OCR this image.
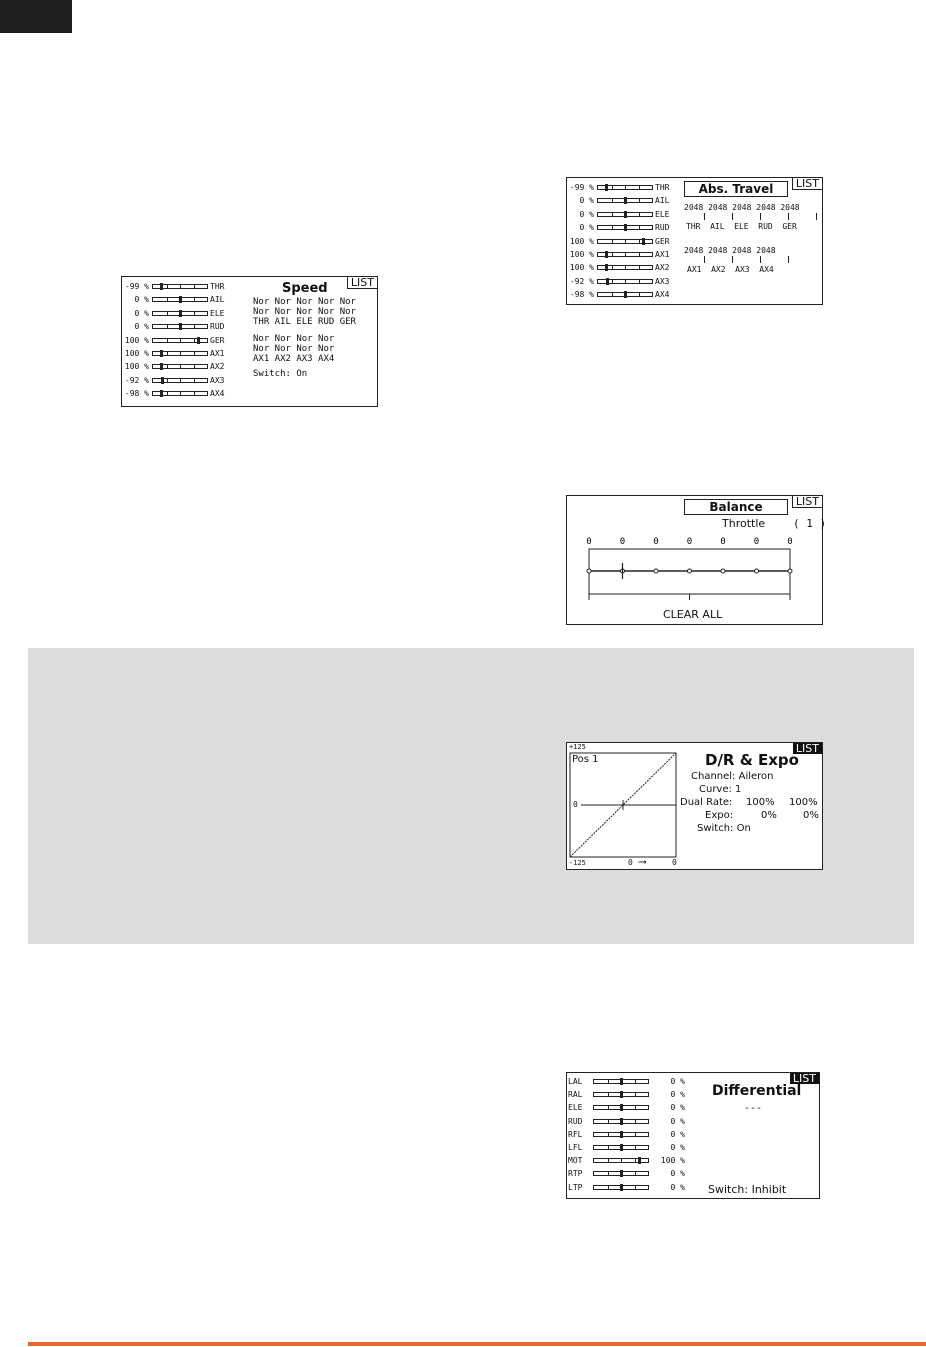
LIST
Speed
Nor Nor Nor Nor Nor
Nor Nor Nor Nor Nor
THR AIL ELE RUD GER
Nor Nor Nor Nor
Nor Nor Nor Nor
AX1 AX2 AX3 AX4
Switch: On
-99 %	THR
0 %	AIL
0 %	ELE
0 %	RUD
100 %	GER
100 %	AX1
100 %	AX2
-92 %	AX3
-98 %	AX4
LIST
Abs. Travel
2048 2048 2048 2048 2048
THR  AIL  ELE  RUD  GER
2048 2048 2048 2048
AX1  AX2  AX3  AX4
-99 %	THR
0 %	AIL
0 %	ELE
0 %	RUD
100 %	GER
100 %	AX1
100 %	AX2
-92 %	AX3
-98 %	AX4
LIST
Balance
Throttle	( 1 )
0	0	0	0	0	0	0
CLEAR ALL
LIST
+125
0
-125
Pos 1
0 ⟶	0
D/R & Expo
Channel: Aileron
Curve: 1
Dual Rate: 100% 100%
Expo:	0%	0%
Switch: On
LIST
Differential
---
Switch: Inhibit
LAL	0 %
RAL	0 %
ELE	0 %
RUD	0 %
RFL	0 %
LFL	0 %
MOT	100 %
RTP	0 %
LTP	0 %
